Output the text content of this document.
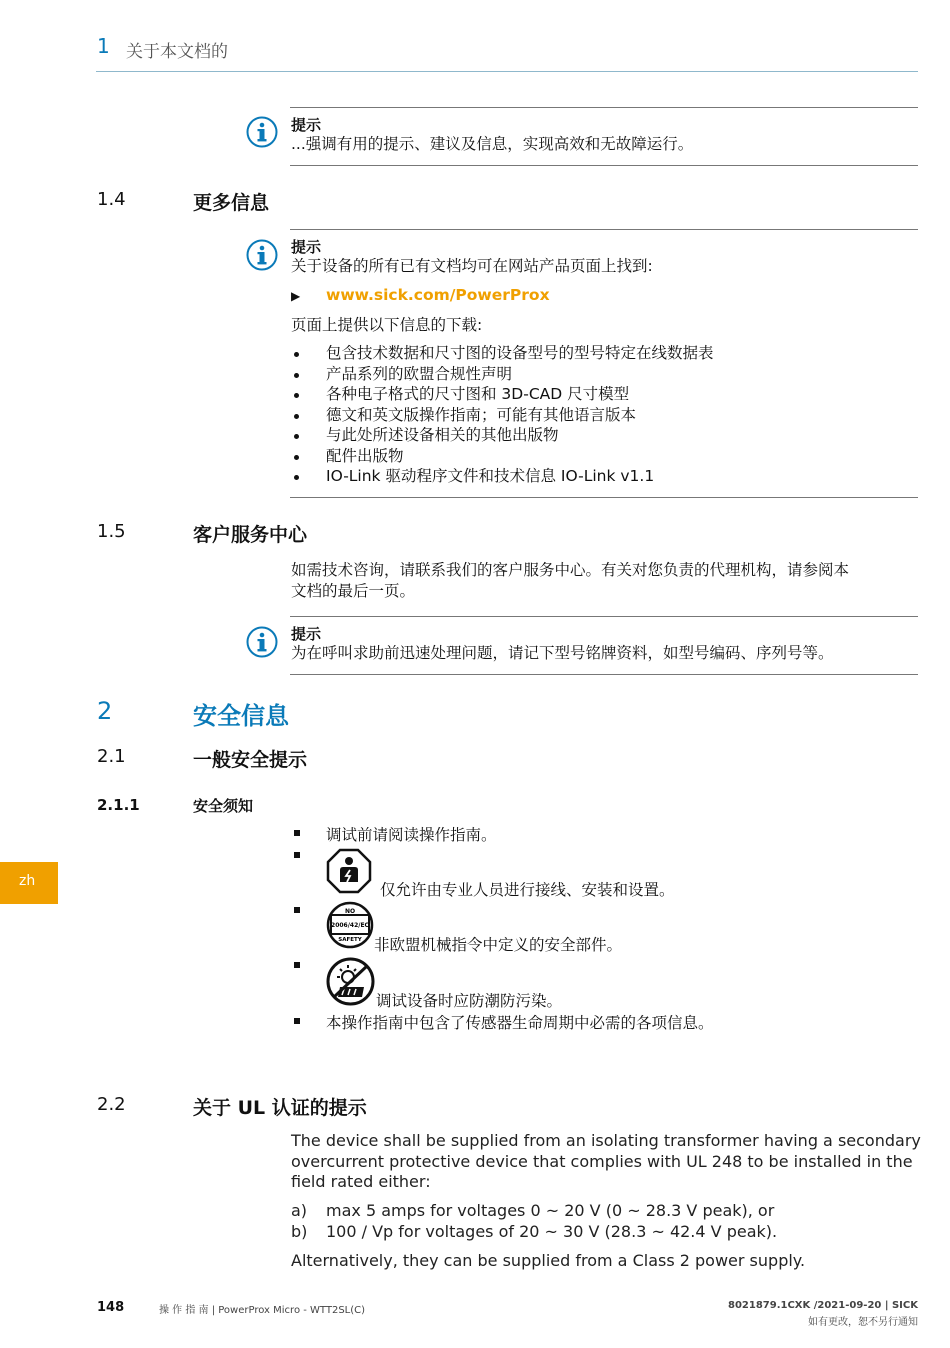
1 关于本文档的
提示
...强调有用的提示、建议及信息，实现高效和无故障运行。
1.4	更多信息
提示
关于设备的所有已有文档均可在网站产品页面上找到:
▶ www.sick.com/PowerProx
页面上提供以下信息的下载:
包含技术数据和尺寸图的设备型号的型号特定在线数据表
产品系列的欧盟合规性声明
各种电子格式的尺寸图和 3D-CAD 尺寸模型
德文和英文版操作指南；可能有其他语言版本
与此处所述设备相关的其他出版物
配件出版物
IO-Link 驱动程序文件和技术信息 IO-Link v1.1
1.5	客户服务中心
如需技术咨询，请联系我们的客户服务中心。有关对您负责的代理机构，请参阅本
文档的最后一页。
提示
为在呼叫求助前迅速处理问题，请记下型号铭牌资料，如型号编码、序列号等。
2	安全信息
2.1	一般安全提示
2.1.1	安全须知
调试前请阅读操作指南。
仅允许由专业人员进行接线、安装和设置。
NO
2006/42/EC
SAFETY 非欧盟机械指令中定义的安全部件。
调试设备时应防潮防污染。
本操作指南中包含了传感器生命周期中必需的各项信息。
zh
2.2	关于 UL 认证的提示
The device shall be supplied from an isolating transformer having a secondary
overcurrent protective device that complies with UL 248 to be installed in the
field rated either:
a) max 5 amps for voltages 0 ~ 20 V (0 ~ 28.3 V peak), or
b) 100 / Vp for voltages of 20 ~ 30 V (28.3 ~ 42.4 V peak).
Alternatively, they can be supplied from a Class 2 power supply.
148	操 作 指 南 | PowerProx Micro - WTT2SL(C)	8021879.1CXK /2021-09-20 | SICK
如有更改，恕不另行通知
